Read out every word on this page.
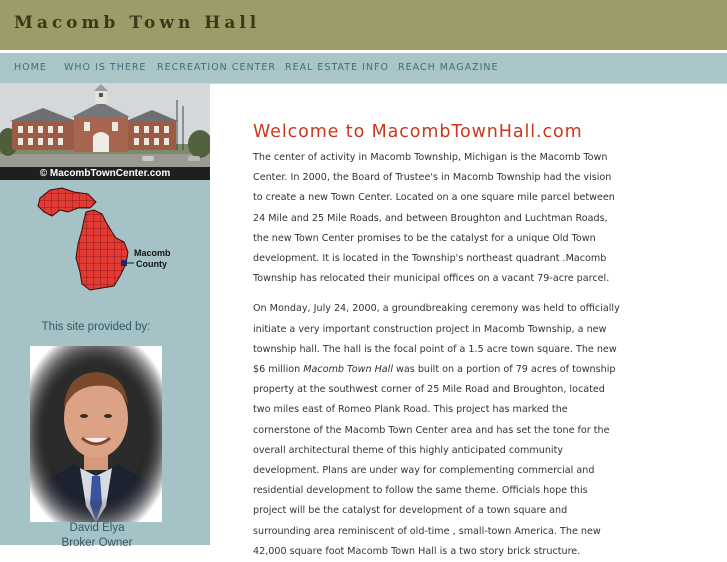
Macomb Town Hall
HOME WHO IS THERE RECREATION CENTER REAL ESTATE INFO REACH MAGAZINE
© MacombTownCenter.com
Macomb
County
This site provided by:
David Elya
Broker Owner
Welcome to MacombTownHall.com

The center of activity in Macomb Township, Michigan is the Macomb Town Center. In 2000, the Board of Trustee's in Macomb Township had the vision to create a new Town Center. Located on a one square mile parcel between 24 Mile and 25 Mile Roads, and between Broughton and Luchtman Roads, the new Town Center promises to be the catalyst for a unique Old Town development. It is located in the Township's northeast quadrant .Macomb Township has relocated their municipal offices on a vacant 79-acre parcel.

On Monday, July 24, 2000, a groundbreaking ceremony was held to officially initiate a very important construction project in Macomb Township, a new township hall. The hall is the focal point of a 1.5 acre town square. The new $6 million Macomb Town Hall was built on a portion of 79 acres of township property at the southwest corner of 25 Mile Road and Broughton, located two miles east of Romeo Plank Road. This project has marked the cornerstone of the Macomb Town Center area and has set the tone for the overall architectural theme of this highly anticipated community development. Plans are under way for complementing commercial and residential development to follow the same theme. Officials hope this project will be the catalyst for development of a town square and surrounding area reminiscent of old-time , small-town America. The new 42,000 square foot Macomb Town Hall is a two story brick structure.
